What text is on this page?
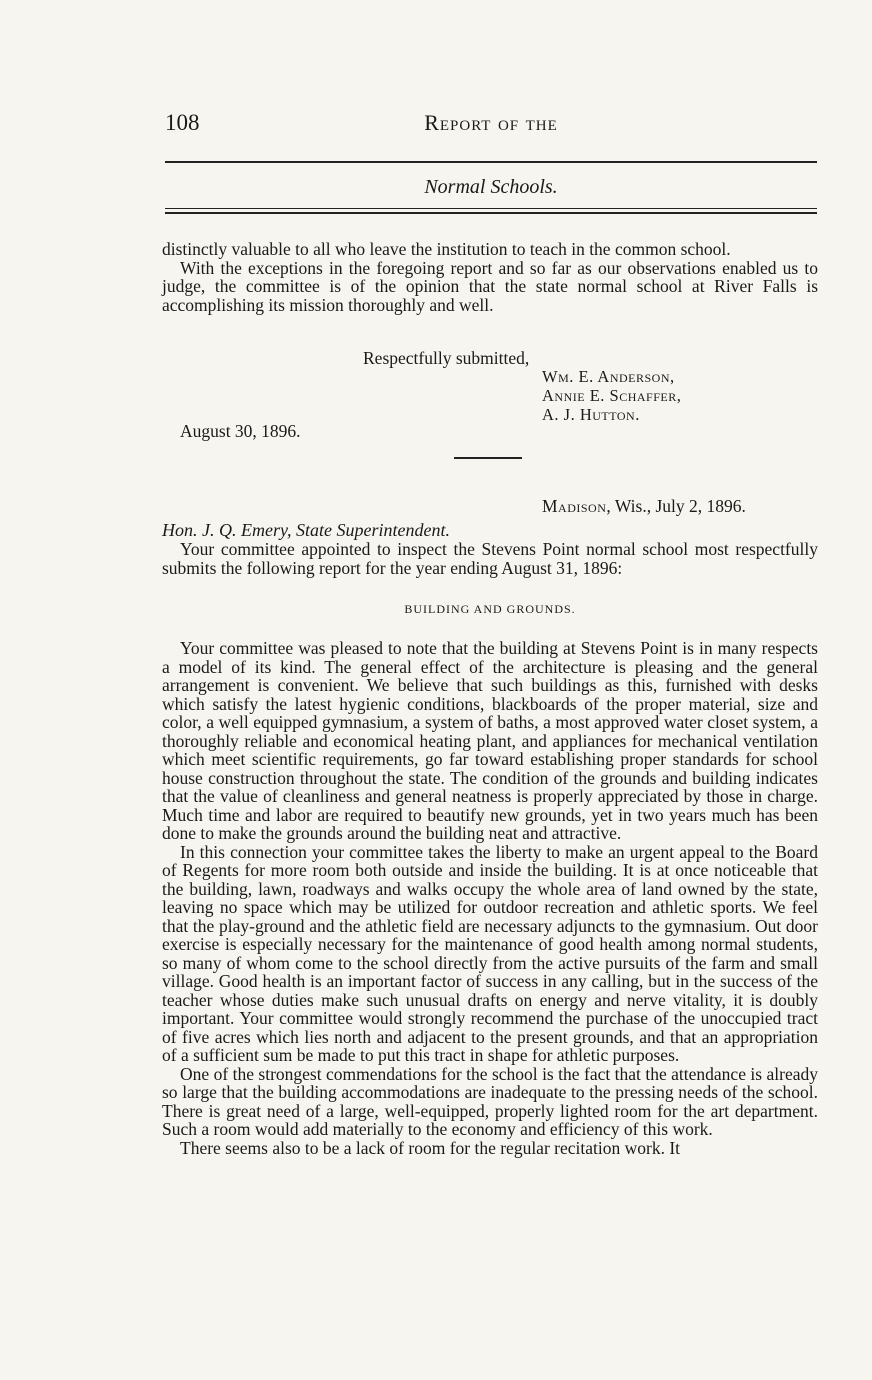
108	Report of the
Normal Schools.

distinctly valuable to all who leave the institution to teach in the common school.

With the exceptions in the foregoing report and so far as our observations enabled us to judge, the committee is of the opinion that the state normal school at River Falls is accomplishing its mission thoroughly and well.

Respectfully submitted,
Wm. E. Anderson,
Annie E. Schaffer,
A. J. Hutton.
August 30, 1896.
Madison, Wis., July 2, 1896.
Hon. J. Q. Emery, State Superintendent.

Your committee appointed to inspect the Stevens Point normal school most respectfully submits the following report for the year ending August 31, 1896:

BUILDING AND GROUNDS.

Your committee was pleased to note that the building at Stevens Point is in many respects a model of its kind. The general effect of the architecture is pleasing and the general arrangement is convenient. We believe that such buildings as this, furnished with desks which satisfy the latest hygienic conditions, blackboards of the proper material, size and color, a well equipped gymnasium, a system of baths, a most approved water closet system, a thoroughly reliable and economical heating plant, and appliances for mechanical ventilation which meet scientific requirements, go far toward establishing proper standards for school house construction throughout the state. The condition of the grounds and building indicates that the value of cleanliness and general neatness is properly appreciated by those in charge. Much time and labor are required to beautify new grounds, yet in two years much has been done to make the grounds around the building neat and attractive.

In this connection your committee takes the liberty to make an urgent appeal to the Board of Regents for more room both outside and inside the building. It is at once noticeable that the building, lawn, roadways and walks occupy the whole area of land owned by the state, leaving no space which may be utilized for outdoor recreation and athletic sports. We feel that the play-ground and the athletic field are necessary adjuncts to the gymnasium. Out door exercise is especially necessary for the maintenance of good health among normal students, so many of whom come to the school directly from the active pursuits of the farm and small village. Good health is an important factor of success in any calling, but in the success of the teacher whose duties make such unusual drafts on energy and nerve vitality, it is doubly important. Your committee would strongly recommend the purchase of the unoccupied tract of five acres which lies north and adjacent to the present grounds, and that an appropriation of a sufficient sum be made to put this tract in shape for athletic purposes.

One of the strongest commendations for the school is the fact that the attendance is already so large that the building accommodations are inadequate to the pressing needs of the school. There is great need of a large, well-equipped, properly lighted room for the art department. Such a room would add materially to the economy and efficiency of this work.

There seems also to be a lack of room for the regular recitation work. It
